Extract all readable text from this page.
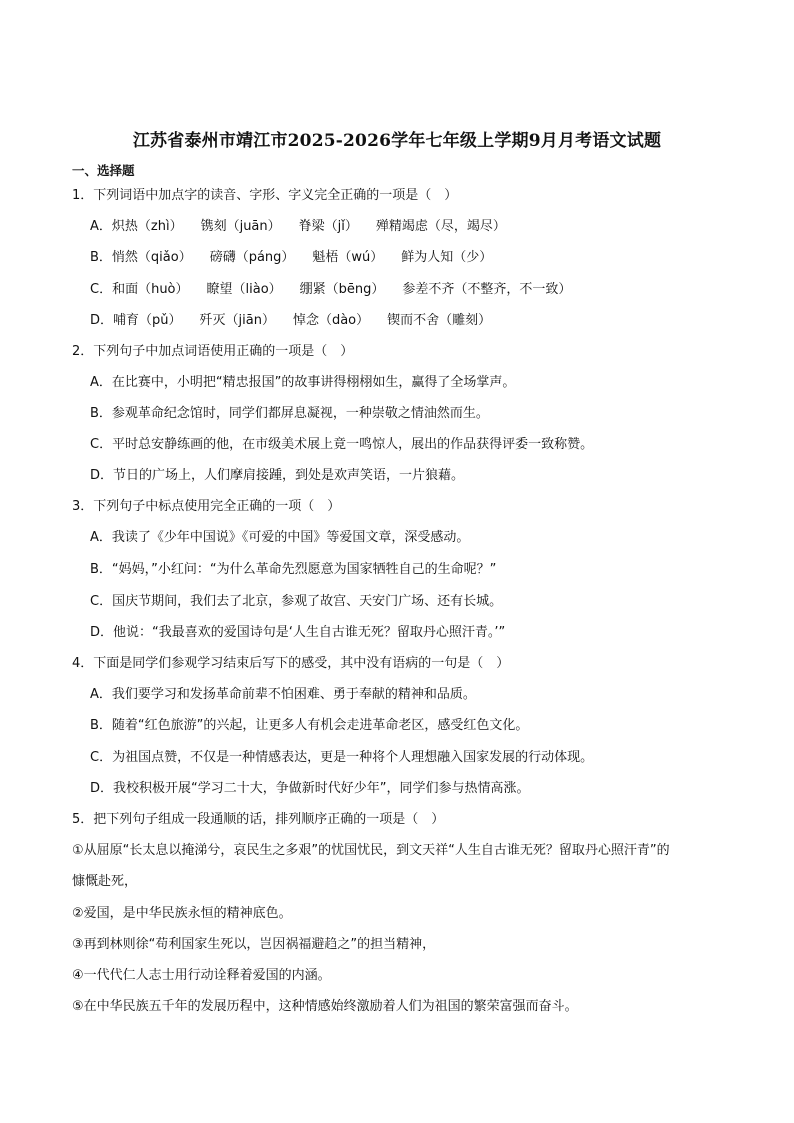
江苏省泰州市靖江市2025-2026学年七年级上学期9月月考语文试题
一、选择题
1．下列词语中加点字的读音、字形、字义完全正确的一项是（　）
A．炽热（zhì） 镌刻（juān） 脊梁（jǐ） 殚精竭虑（尽，竭尽）
B．悄然（qiǎo） 磅礴（páng） 魁梧（wú） 鲜为人知（少）
C．和面（huò） 瞭望（liào） 绷紧（bēng） 参差不齐（不整齐，不一致）
D．哺育（pǔ） 歼灭（jiān） 悼念（dào） 锲而不舍（雕刻）
2．下列句子中加点词语使用正确的一项是（　）
A．在比赛中，小明把“精忠报国”的故事讲得栩栩如生，赢得了全场掌声。
B．参观革命纪念馆时，同学们都屏息凝视，一种崇敬之情油然而生。
C．平时总安静练画的他，在市级美术展上竟一鸣惊人，展出的作品获得评委一致称赞。
D．节日的广场上，人们摩肩接踵，到处是欢声笑语，一片狼藉。
3．下列句子中标点使用完全正确的一项（　）
A．我读了《少年中国说》《可爱的中国》等爱国文章，深受感动。
B．“妈妈，”小红问：“为什么革命先烈愿意为国家牺牲自己的生命呢？”
C．国庆节期间，我们去了北京，参观了故宫、天安门广场、还有长城。
D．他说：“我最喜欢的爱国诗句是‘人生自古谁无死？留取丹心照汗青。’”
4．下面是同学们参观学习结束后写下的感受，其中没有语病的一句是（　）
A．我们要学习和发扬革命前辈不怕困难、勇于奉献的精神和品质。
B．随着“红色旅游”的兴起，让更多人有机会走进革命老区，感受红色文化。
C．为祖国点赞，不仅是一种情感表达，更是一种将个人理想融入国家发展的行动体现。
D．我校积极开展“学习二十大，争做新时代好少年”，同学们参与热情高涨。
5．把下列句子组成一段通顺的话，排列顺序正确的一项是（　）
①从屈原“长太息以掩涕兮，哀民生之多艰”的忧国忧民，到文天祥“人生自古谁无死？留取丹心照汗青”的
慷慨赴死，
②爱国，是中华民族永恒的精神底色。
③再到林则徐“苟利国家生死以，岂因祸福避趋之”的担当精神，
④一代代仁人志士用行动诠释着爱国的内涵。
⑤在中华民族五千年的发展历程中，这种情感始终激励着人们为祖国的繁荣富强而奋斗。
